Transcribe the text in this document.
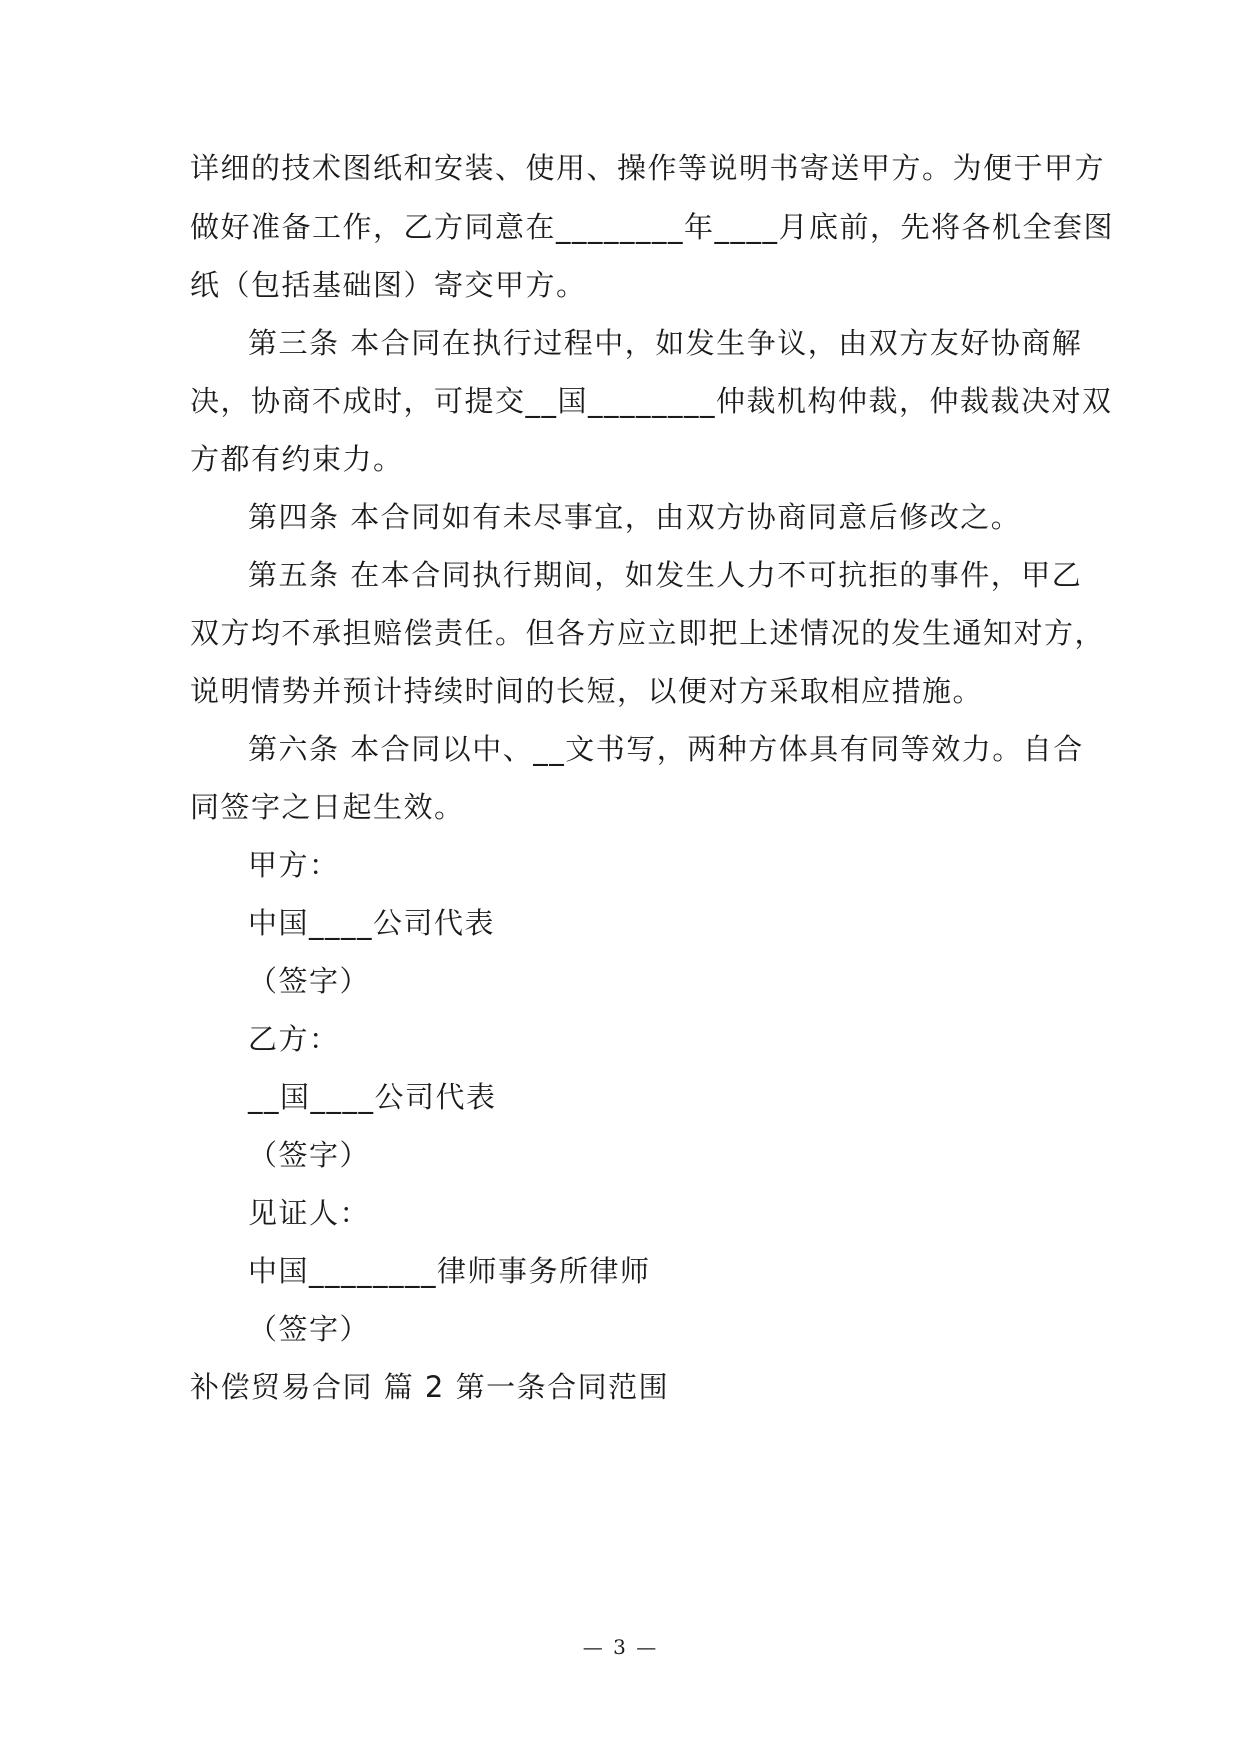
详细的技术图纸和安装、使用、操作等说明书寄送甲方。为便于甲方
做好准备工作，乙方同意在________年____月底前，先将各机全套图
纸（包括基础图）寄交甲方。
第三条 本合同在执行过程中，如发生争议，由双方友好协商解
决，协商不成时，可提交__国________仲裁机构仲裁，仲裁裁决对双
方都有约束力。
第四条 本合同如有未尽事宜，由双方协商同意后修改之。
第五条 在本合同执行期间，如发生人力不可抗拒的事件，甲乙
双方均不承担赔偿责任。但各方应立即把上述情况的发生通知对方，
说明情势并预计持续时间的长短，以便对方采取相应措施。
第六条 本合同以中、__文书写，两种方体具有同等效力。自合
同签字之日起生效。
甲方：
中国____公司代表
（签字）
乙方：
__国____公司代表
（签字）
见证人：
中国________律师事务所律师
（签字）
补偿贸易合同 篇 2 第一条合同范围
— 3 —
